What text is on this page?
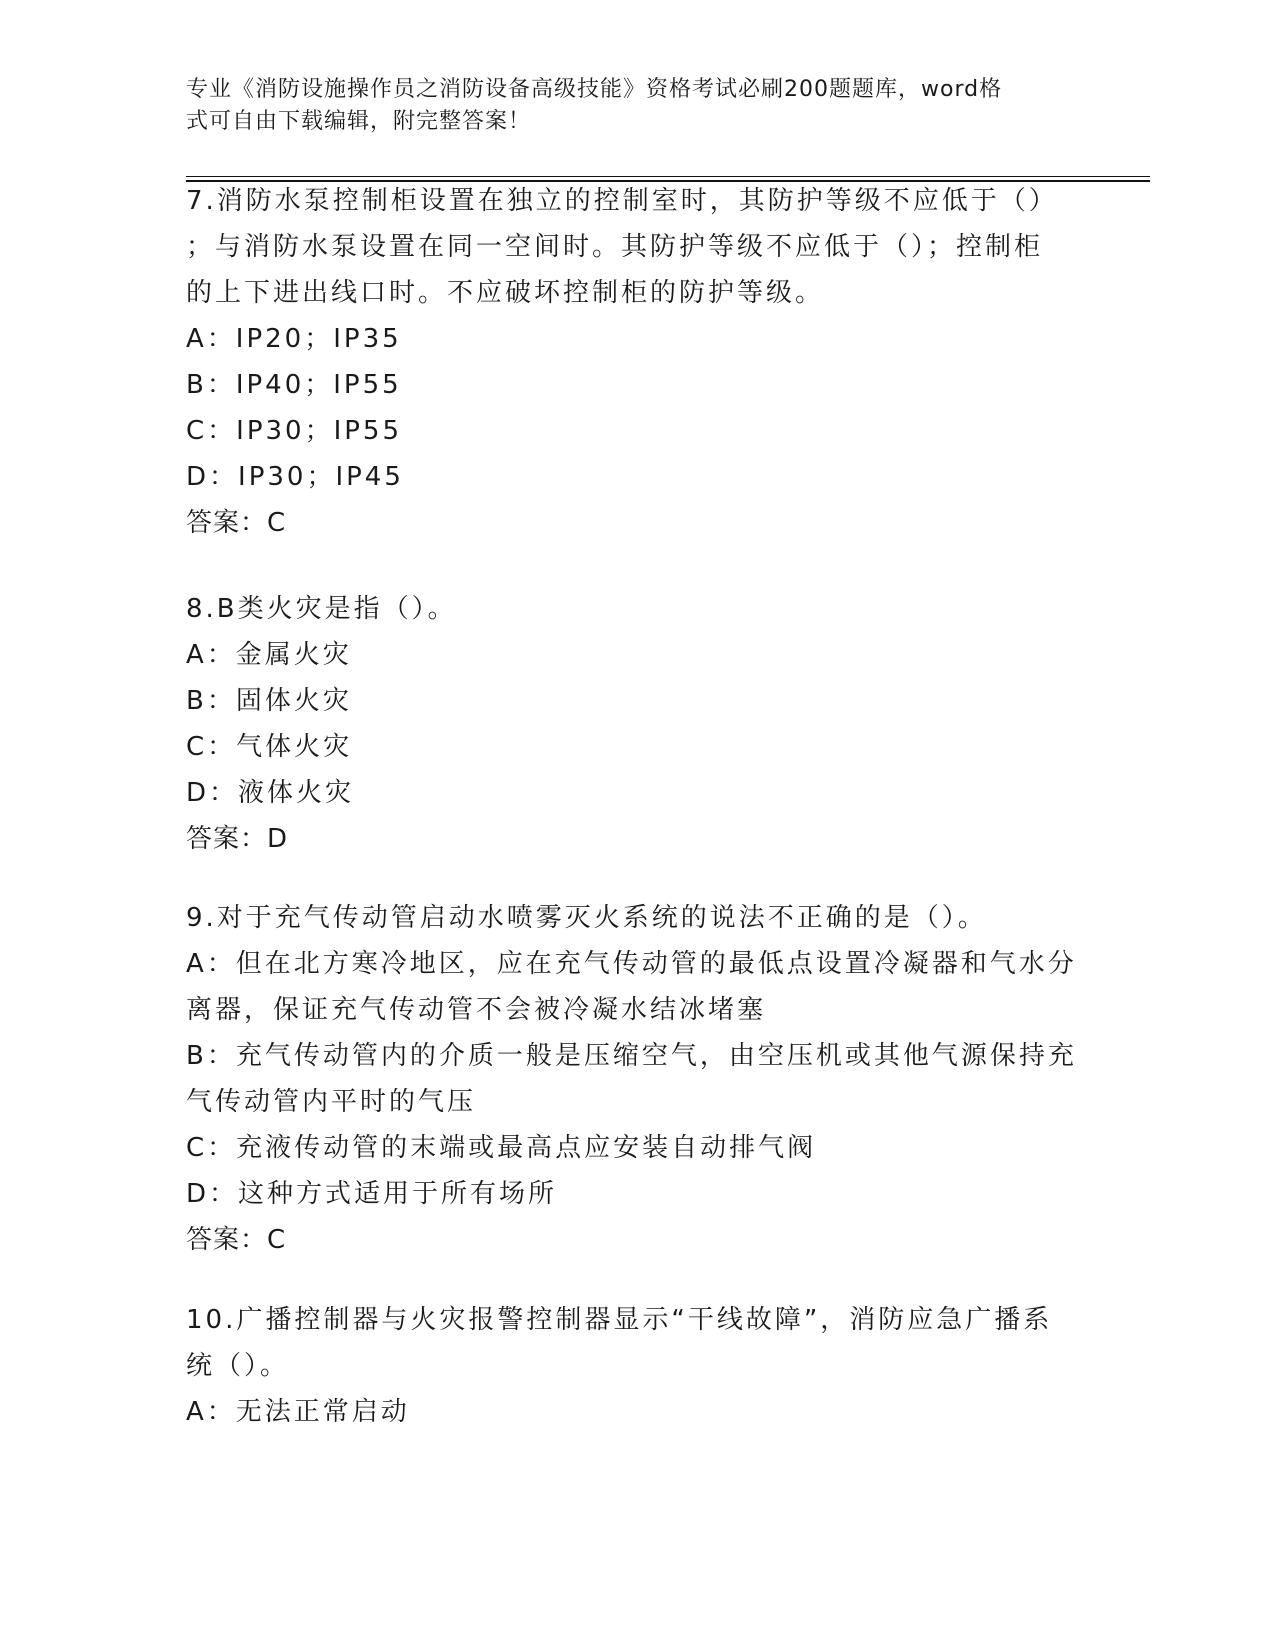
专业《消防设施操作员之消防设备高级技能》资格考试必刷200题题库，word格
式可自由下载编辑，附完整答案！
7.消防水泵控制柜设置在独立的控制室时，其防护等级不应低于（）
；与消防水泵设置在同一空间时。其防护等级不应低于（）；控制柜
的上下进出线口时。不应破坏控制柜的防护等级。
A：IP20；IP35
B：IP40；IP55
C：IP30；IP55
D：IP30；IP45
答案：C
8.B类火灾是指（）。
A：金属火灾
B：固体火灾
C：气体火灾
D：液体火灾
答案：D
9.对于充气传动管启动水喷雾灭火系统的说法不正确的是（）。
A：但在北方寒冷地区，应在充气传动管的最低点设置冷凝器和气水分
离器，保证充气传动管不会被冷凝水结冰堵塞
B：充气传动管内的介质一般是压缩空气，由空压机或其他气源保持充
气传动管内平时的气压
C：充液传动管的末端或最高点应安装自动排气阀
D：这种方式适用于所有场所
答案：C
10.广播控制器与火灾报警控制器显示“干线故障”，消防应急广播系
统（）。
A：无法正常启动
